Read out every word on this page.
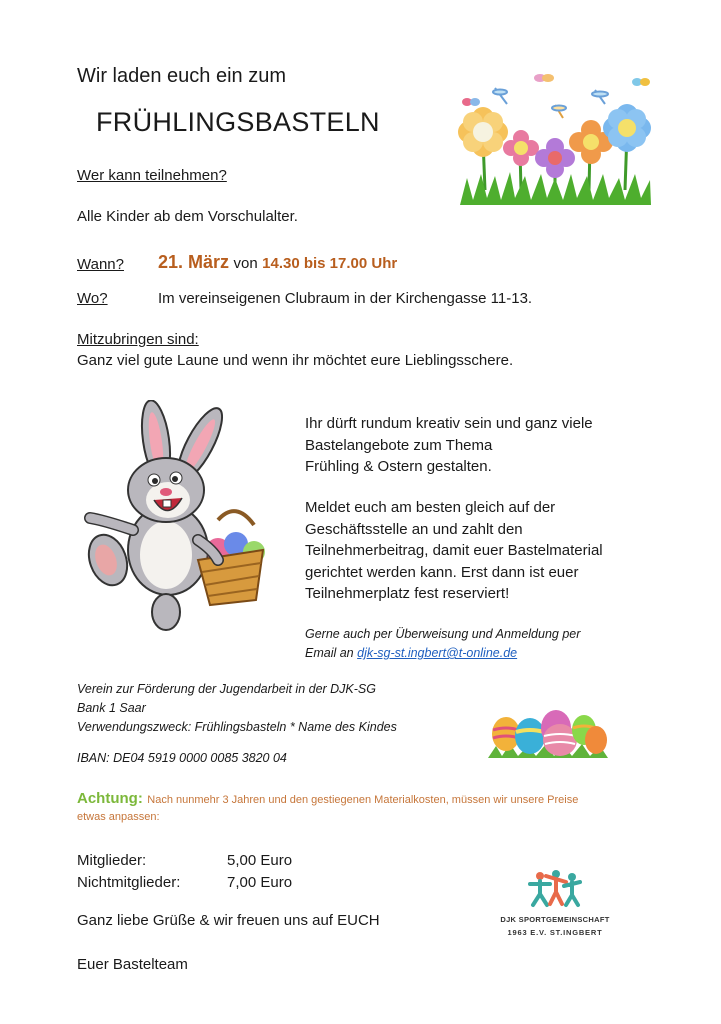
Wir laden euch ein zum
FRÜHLINGSBASTELN
Wer kann teilnehmen?
Alle Kinder ab dem Vorschulalter.
Wann? 21. März von 14.30 bis 17.00 Uhr
Wo?	Im vereinseigenen Clubraum in der Kirchengasse 11-13.
Mitzubringen sind:
Ganz viel gute Laune und wenn ihr möchtet eure Lieblingsschere.
Ihr dürft rundum kreativ sein und ganz viele
Bastelangebote zum Thema
Frühling & Ostern gestalten.
Meldet euch am besten gleich auf der
Geschäftsstelle an und zahlt den
Teilnehmerbeitrag, damit euer Bastelmaterial
gerichtet werden kann. Erst dann ist euer
Teilnehmerplatz fest reserviert!
Gerne auch per Überweisung und Anmeldung per
Email an djk-sg-st.ingbert@t-online.de
Verein zur Förderung der Jugendarbeit in der DJK-SG
Bank 1 Saar
Verwendungszweck: Frühlingsbasteln * Name des Kindes
IBAN: DE04 5919 0000 0085 3820 04
Achtung: Nach nunmehr 3 Jahren und den gestiegenen Materialkosten, müssen wir unsere Preise
etwas anpassen:
Mitglieder:	5,00 Euro
Nichtmitglieder:	7,00 Euro
Ganz liebe Grüße & wir freuen uns auf EUCH
Euer Bastelteam
DJK SPORTGEMEINSCHAFT
1963 E.V. ST.INGBERT
